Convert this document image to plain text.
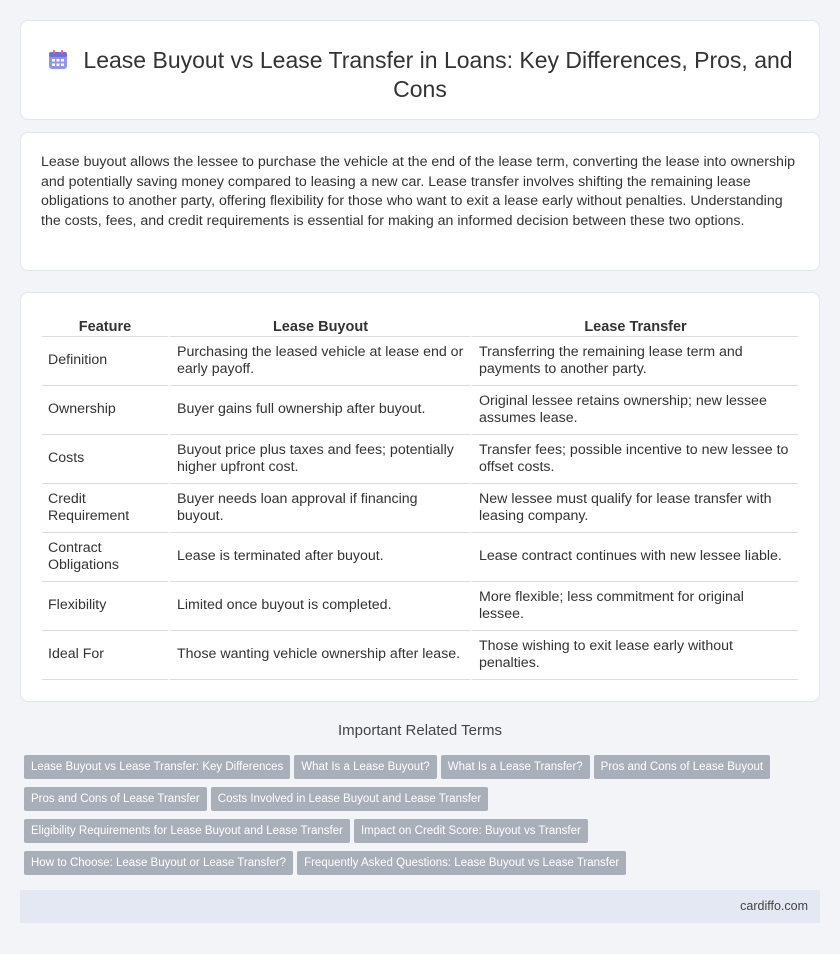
Lease Buyout vs Lease Transfer in Loans: Key Differences, Pros, and Cons

Lease buyout allows the lessee to purchase the vehicle at the end of the lease term, converting the lease into ownership and potentially saving money compared to leasing a new car. Lease transfer involves shifting the remaining lease obligations to another party, offering flexibility for those who want to exit a lease early without penalties. Understanding the costs, fees, and credit requirements is essential for making an informed decision between these two options.

Feature	Lease Buyout	Lease Transfer
Definition	Purchasing the leased vehicle at lease end or early payoff.	Transferring the remaining lease term and payments to another party.
Ownership	Buyer gains full ownership after buyout.	Original lessee retains ownership; new lessee assumes lease.
Costs	Buyout price plus taxes and fees; potentially higher upfront cost.	Transfer fees; possible incentive to new lessee to offset costs.
Credit Requirement	Buyer needs loan approval if financing buyout.	New lessee must qualify for lease transfer with leasing company.
Contract Obligations	Lease is terminated after buyout.	Lease contract continues with new lessee liable.
Flexibility	Limited once buyout is completed.	More flexible; less commitment for original lessee.
Ideal For	Those wanting vehicle ownership after lease.	Those wishing to exit lease early without penalties.
Important Related Terms
Lease Buyout vs Lease Transfer: Key Differences What Is a Lease Buyout? What Is a Lease Transfer? Pros and Cons of Lease Buyout
Pros and Cons of Lease Transfer Costs Involved in Lease Buyout and Lease Transfer
Eligibility Requirements for Lease Buyout and Lease Transfer Impact on Credit Score: Buyout vs Transfer
How to Choose: Lease Buyout or Lease Transfer? Frequently Asked Questions: Lease Buyout vs Lease Transfer
cardiffo.com
